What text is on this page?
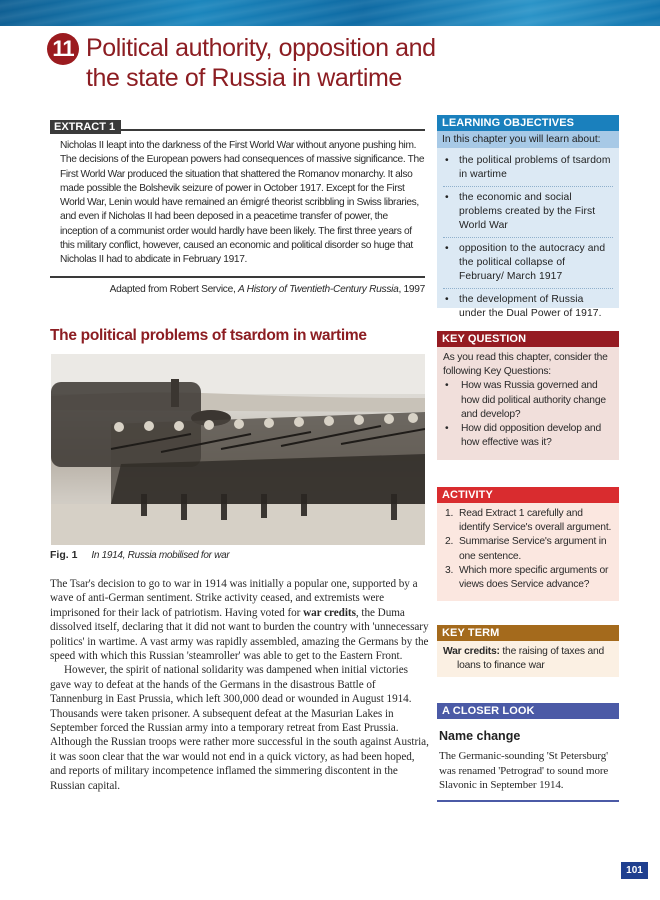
11 Political authority, opposition and
the state of Russia in wartime
EXTRACT 1
Nicholas II leapt into the darkness of the First World War without anyone pushing him. The decisions of the European powers had consequences of massive significance. The First World War produced the situation that shattered the Romanov monarchy. It also made possible the Bolshevik seizure of power in October 1917. Except for the First World War, Lenin would have remained an émigré theorist scribbling in Swiss libraries, and even if Nicholas II had been deposed in a peacetime transfer of power, the inception of a communist order would hardly have been likely. The first three years of this military conflict, however, caused an economic and political disorder so huge that Nicholas II had to abdicate in February 1917.
Adapted from Robert Service, A History of Twentieth-Century Russia, 1997
The political problems of tsardom in wartime
Fig. 1 In 1914, Russia mobilised for war

The Tsar's decision to go to war in 1914 was initially a popular one, supported by a wave of anti-German sentiment. Strike activity ceased, and extremists were imprisoned for their lack of patriotism. Having voted for war credits, the Duma dissolved itself, declaring that it did not want to burden the country with 'unnecessary politics' in wartime. A vast army was rapidly assembled, amazing the Germans by the speed with which this Russian 'steamroller' was able to get to the Eastern Front.

However, the spirit of national solidarity was dampened when initial victories gave way to defeat at the hands of the Germans in the disastrous Battle of Tannenburg in East Prussia, which left 300,000 dead or wounded in August 1914. Thousands were taken prisoner. A subsequent defeat at the Masurian Lakes in September forced the Russian army into a temporary retreat from East Prussia. Although the Russian troops were rather more successful in the south against Austria, it was soon clear that the war would not end in a quick victory, as had been hoped, and reports of military incompetence inflamed the simmering discontent in the Russian capital.

LEARNING OBJECTIVES
In this chapter you will learn about:
• the political problems of tsardom in wartime
• the economic and social problems created by the First World War
• opposition to the autocracy and the political collapse of February/ March 1917
• the development of Russia under the Dual Power of 1917.
KEY QUESTION
As you read this chapter, consider the following Key Questions:
• How was Russia governed and how did political authority change and develop?
• How did opposition develop and how effective was it?
ACTIVITY
1. Read Extract 1 carefully and identify Service's overall argument.
2. Summarise Service's argument in one sentence.
3. Which more specific arguments or views does Service advance?
KEY TERM
War credits: the raising of taxes and loans to finance war
A CLOSER LOOK
Name change
The Germanic-sounding 'St Petersburg' was renamed 'Petrograd' to sound more Slavonic in September 1914.
101
